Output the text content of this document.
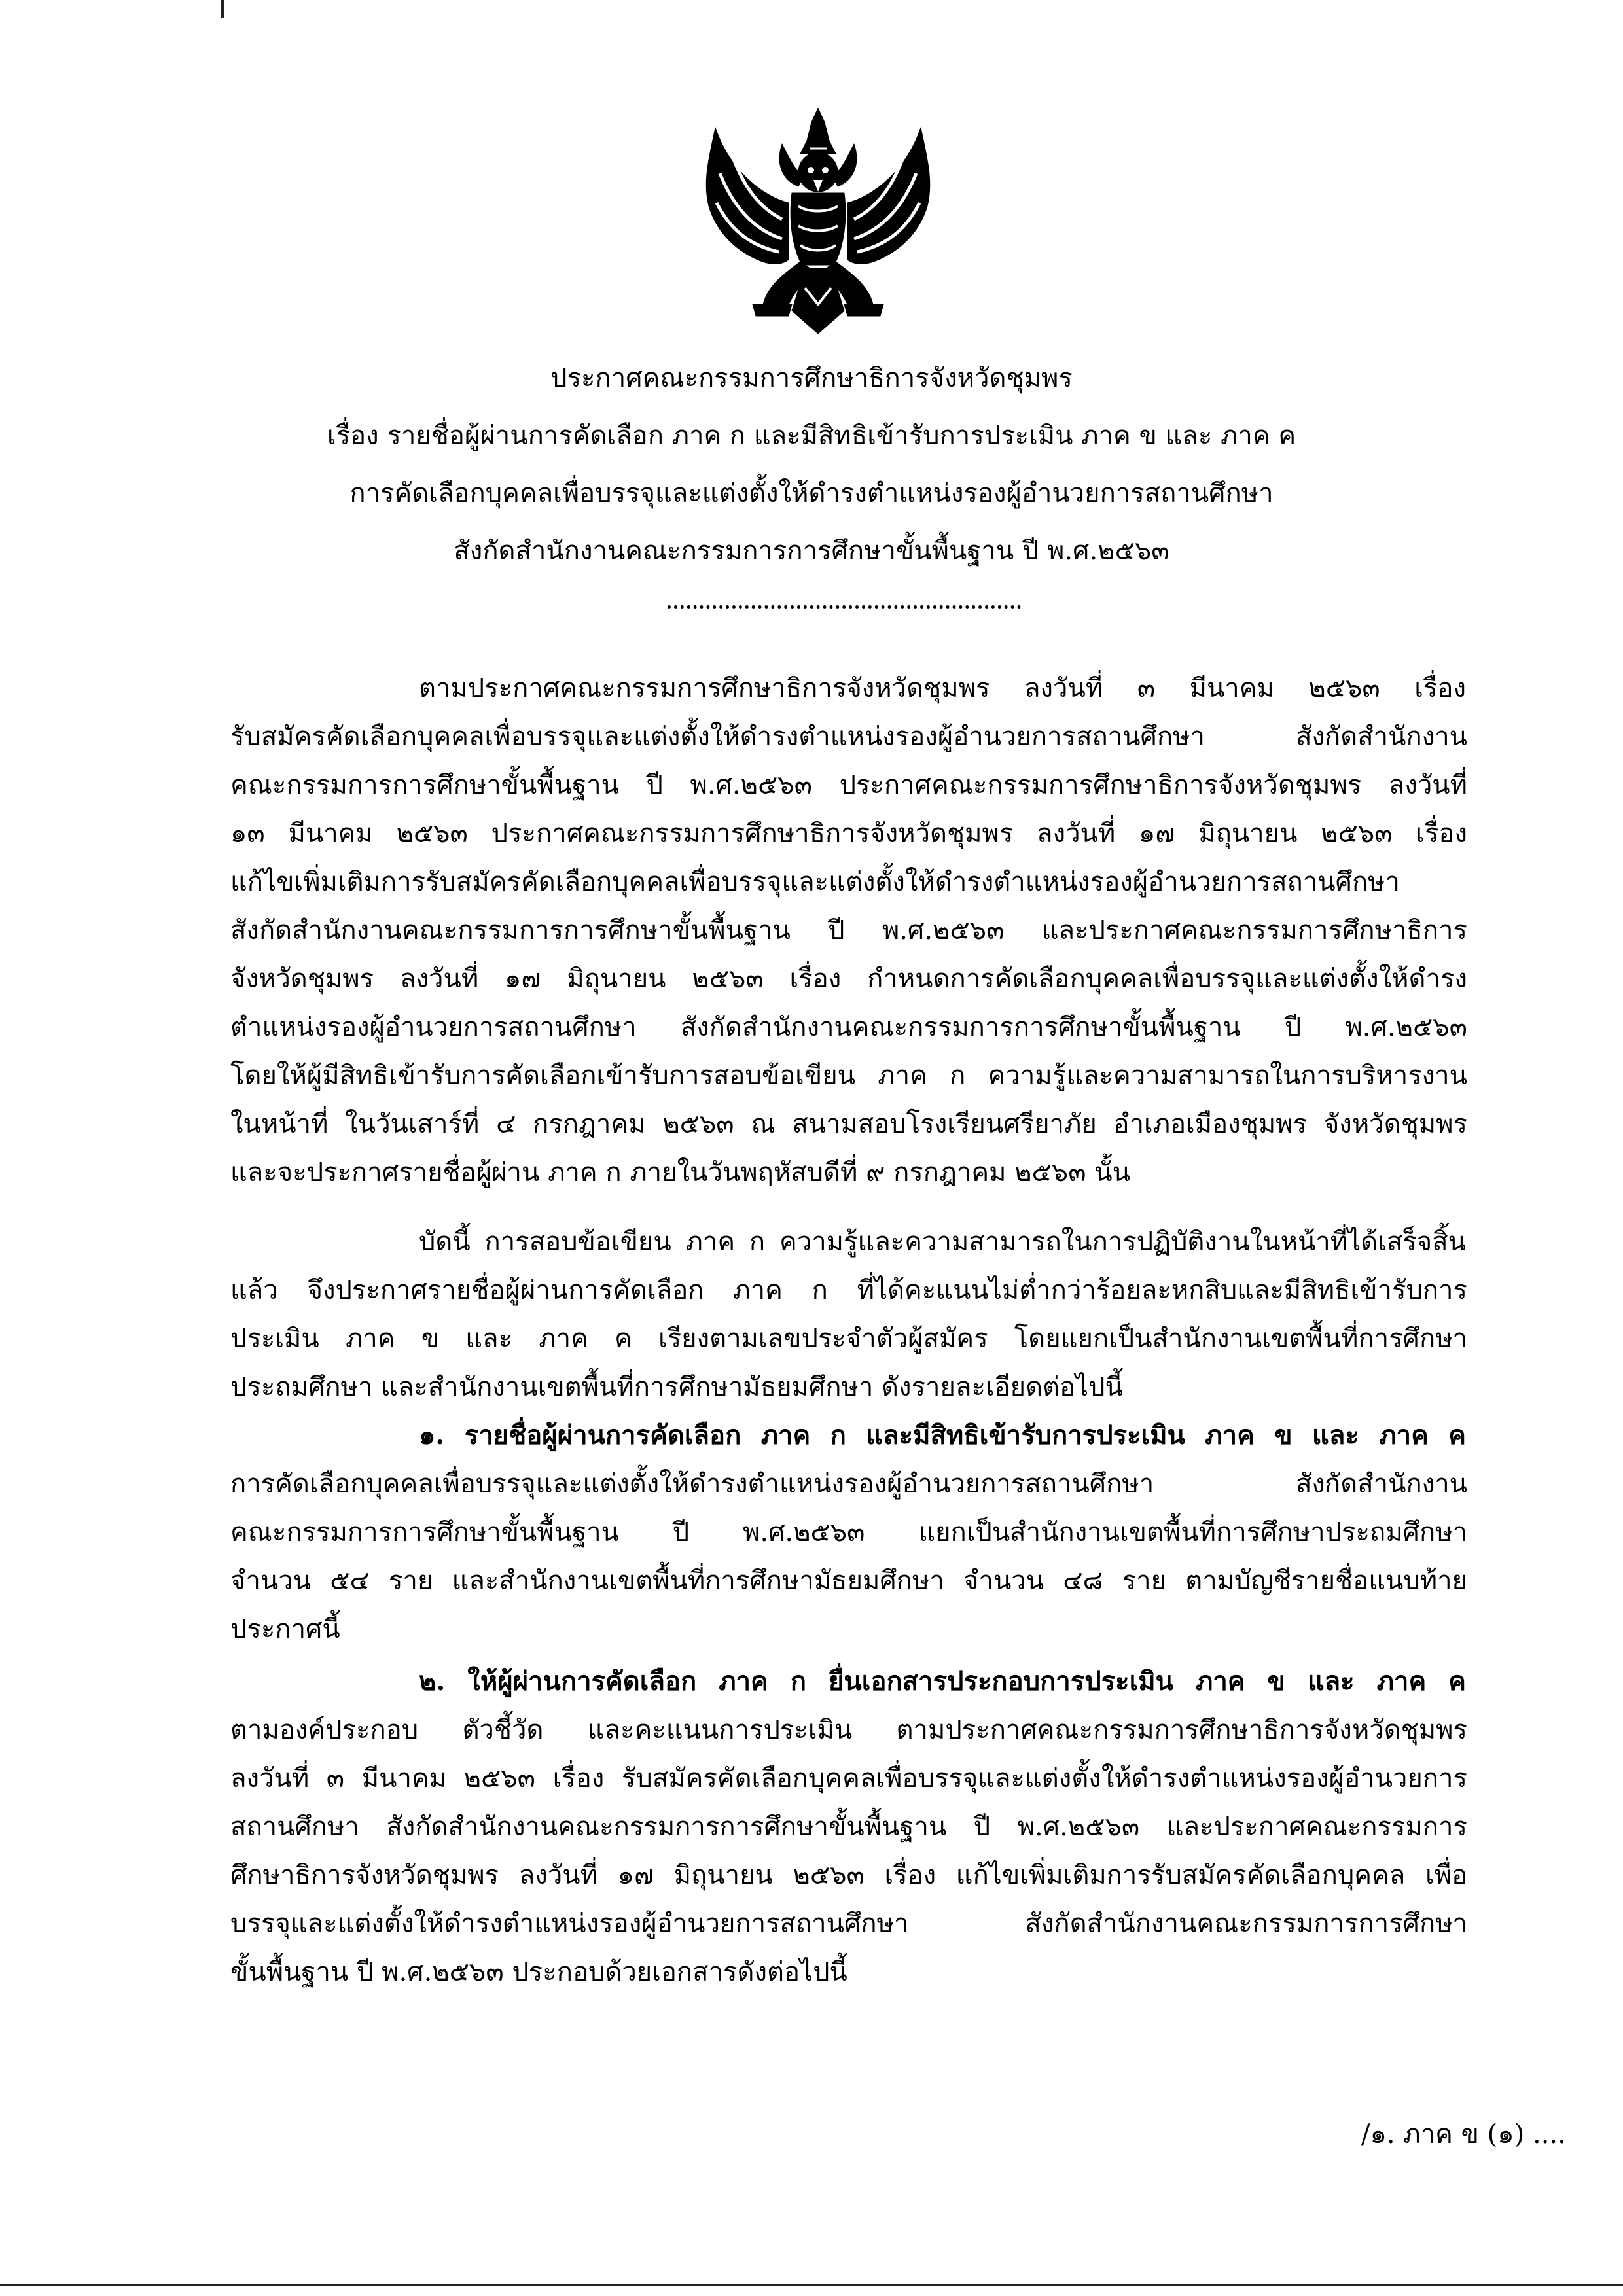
ประกาศคณะกรรมการศึกษาธิการจังหวัดชุมพร
เรื่อง รายชื่อผู้ผ่านการคัดเลือก ภาค ก และมีสิทธิเข้ารับการประเมิน ภาค ข และ ภาค ค
การคัดเลือกบุคคลเพื่อบรรจุและแต่งตั้งให้ดำรงตำแหน่งรองผู้อำนวยการสถานศึกษา
สังกัดสำนักงานคณะกรรมการการศึกษาขั้นพื้นฐาน ปี พ.ศ.๒๕๖๓
ตามประกาศคณะกรรมการศึกษาธิการจังหวัดชุมพร ลงวันที่ ๓ มีนาคม ๒๕๖๓ เรื่อง
รับสมัครคัดเลือกบุคคลเพื่อบรรจุและแต่งตั้งให้ดำรงตำแหน่งรองผู้อำนวยการสถานศึกษา สังกัดสำนักงาน
คณะกรรมการการศึกษาขั้นพื้นฐาน ปี พ.ศ.๒๕๖๓ ประกาศคณะกรรมการศึกษาธิการจังหวัดชุมพร ลงวันที่
๑๓ มีนาคม ๒๕๖๓ ประกาศคณะกรรมการศึกษาธิการจังหวัดชุมพร ลงวันที่ ๑๗ มิถุนายน ๒๕๖๓ เรื่อง
แก้ไขเพิ่มเติมการรับสมัครคัดเลือกบุคคลเพื่อบรรจุและแต่งตั้งให้ดำรงตำแหน่งรองผู้อำนวยการสถานศึกษา
สังกัดสำนักงานคณะกรรมการการศึกษาขั้นพื้นฐาน ปี พ.ศ.๒๕๖๓ และประกาศคณะกรรมการศึกษาธิการ
จังหวัดชุมพร ลงวันที่ ๑๗ มิถุนายน ๒๕๖๓ เรื่อง กำหนดการคัดเลือกบุคคลเพื่อบรรจุและแต่งตั้งให้ดำรง
ตำแหน่งรองผู้อำนวยการสถานศึกษา สังกัดสำนักงานคณะกรรมการการศึกษาขั้นพื้นฐาน ปี พ.ศ.๒๕๖๓
โดยให้ผู้มีสิทธิเข้ารับการคัดเลือกเข้ารับการสอบข้อเขียน ภาค ก ความรู้และความสามารถในการบริหารงาน
ในหน้าที่ ในวันเสาร์ที่ ๔ กรกฎาคม ๒๕๖๓ ณ สนามสอบโรงเรียนศรียาภัย อำเภอเมืองชุมพร จังหวัดชุมพร
และจะประกาศรายชื่อผู้ผ่าน ภาค ก ภายในวันพฤหัสบดีที่ ๙ กรกฎาคม ๒๕๖๓ นั้น
บัดนี้ การสอบข้อเขียน ภาค ก ความรู้และความสามารถในการปฏิบัติงานในหน้าที่ได้เสร็จสิ้น
แล้ว จึงประกาศรายชื่อผู้ผ่านการคัดเลือก ภาค ก ที่ได้คะแนนไม่ต่ำกว่าร้อยละหกสิบและมีสิทธิเข้ารับการ
ประเมิน ภาค ข และ ภาค ค เรียงตามเลขประจำตัวผู้สมัคร โดยแยกเป็นสำนักงานเขตพื้นที่การศึกษา
ประถมศึกษา และสำนักงานเขตพื้นที่การศึกษามัธยมศึกษา ดังรายละเอียดต่อไปนี้
๑. รายชื่อผู้ผ่านการคัดเลือก ภาค ก และมีสิทธิเข้ารับการประเมิน ภาค ข และ ภาค ค
การคัดเลือกบุคคลเพื่อบรรจุและแต่งตั้งให้ดำรงตำแหน่งรองผู้อำนวยการสถานศึกษา สังกัดสำนักงาน
คณะกรรมการการศึกษาขั้นพื้นฐาน ปี พ.ศ.๒๕๖๓ แยกเป็นสำนักงานเขตพื้นที่การศึกษาประถมศึกษา
จำนวน ๕๔ ราย และสำนักงานเขตพื้นที่การศึกษามัธยมศึกษา จำนวน ๔๘ ราย ตามบัญชีรายชื่อแนบท้าย
ประกาศนี้
๒. ให้ผู้ผ่านการคัดเลือก ภาค ก ยื่นเอกสารประกอบการประเมิน ภาค ข และ ภาค ค
ตามองค์ประกอบ ตัวชี้วัด และคะแนนการประเมิน ตามประกาศคณะกรรมการศึกษาธิการจังหวัดชุมพร
ลงวันที่ ๓ มีนาคม ๒๕๖๓ เรื่อง รับสมัครคัดเลือกบุคคลเพื่อบรรจุและแต่งตั้งให้ดำรงตำแหน่งรองผู้อำนวยการ
สถานศึกษา สังกัดสำนักงานคณะกรรมการการศึกษาขั้นพื้นฐาน ปี พ.ศ.๒๕๖๓ และประกาศคณะกรรมการ
ศึกษาธิการจังหวัดชุมพร ลงวันที่ ๑๗ มิถุนายน ๒๕๖๓ เรื่อง แก้ไขเพิ่มเติมการรับสมัครคัดเลือกบุคคล เพื่อ
บรรจุและแต่งตั้งให้ดำรงตำแหน่งรองผู้อำนวยการสถานศึกษา สังกัดสำนักงานคณะกรรมการการศึกษา
ขั้นพื้นฐาน ปี พ.ศ.๒๕๖๓ ประกอบด้วยเอกสารดังต่อไปนี้
/๑. ภาค ข (๑) ....
